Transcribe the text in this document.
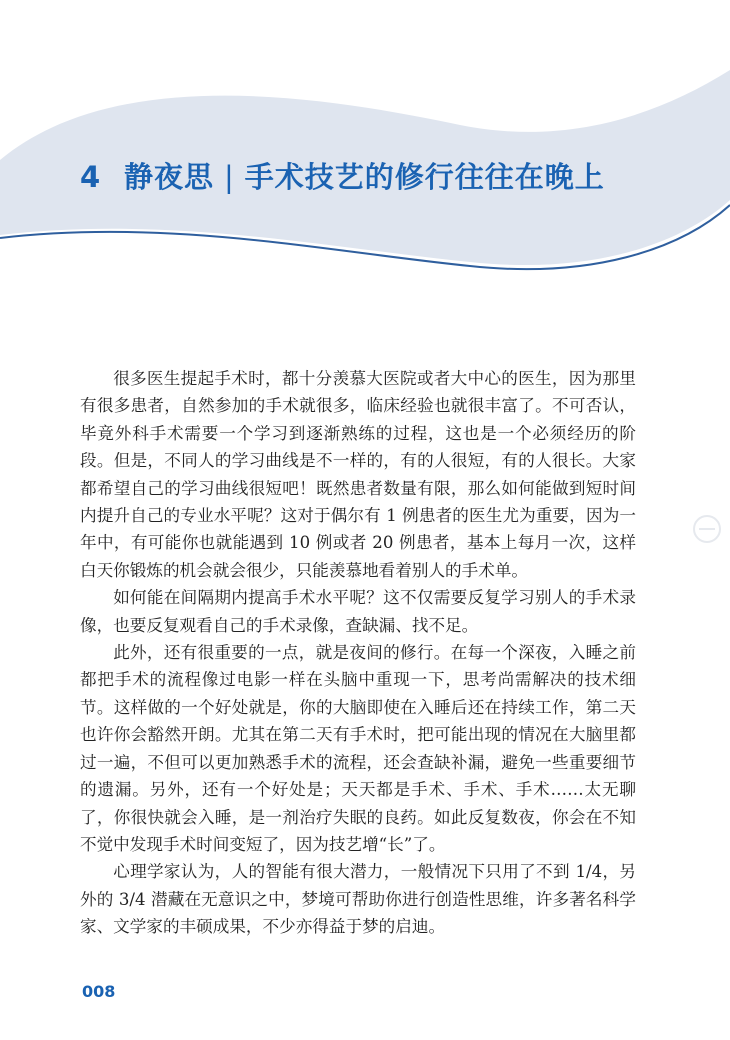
4 静夜思 | 手术技艺的修行往往在晚上

很多医生提起手术时，都十分羡慕大医院或者大中心的医生，因为那里有很多患者，自然参加的手术就很多，临床经验也就很丰富了。不可否认，毕竟外科手术需要一个学习到逐渐熟练的过程，这也是一个必须经历的阶段。但是，不同人的学习曲线是不一样的，有的人很短，有的人很长。大家都希望自己的学习曲线很短吧！既然患者数量有限，那么如何能做到短时间内提升自己的专业水平呢？这对于偶尔有 1 例患者的医生尤为重要，因为一年中，有可能你也就能遇到 10 例或者 20 例患者，基本上每月一次，这样白天你锻炼的机会就会很少，只能羡慕地看着别人的手术单。

如何能在间隔期内提高手术水平呢？这不仅需要反复学习别人的手术录像，也要反复观看自己的手术录像，查缺漏、找不足。

此外，还有很重要的一点，就是夜间的修行。在每一个深夜，入睡之前都把手术的流程像过电影一样在头脑中重现一下，思考尚需解决的技术细节。这样做的一个好处就是，你的大脑即使在入睡后还在持续工作，第二天也许你会豁然开朗。尤其在第二天有手术时，把可能出现的情况在大脑里都过一遍，不但可以更加熟悉手术的流程，还会查缺补漏，避免一些重要细节的遗漏。另外，还有一个好处是；天天都是手术、手术、手术……太无聊了，你很快就会入睡，是一剂治疗失眠的良药。如此反复数夜，你会在不知不觉中发现手术时间变短了，因为技艺增“长”了。

心理学家认为，人的智能有很大潜力，一般情况下只用了不到 1/4，另外的 3/4 潜藏在无意识之中，梦境可帮助你进行创造性思维，许多著名科学家、文学家的丰硕成果，不少亦得益于梦的启迪。

008
